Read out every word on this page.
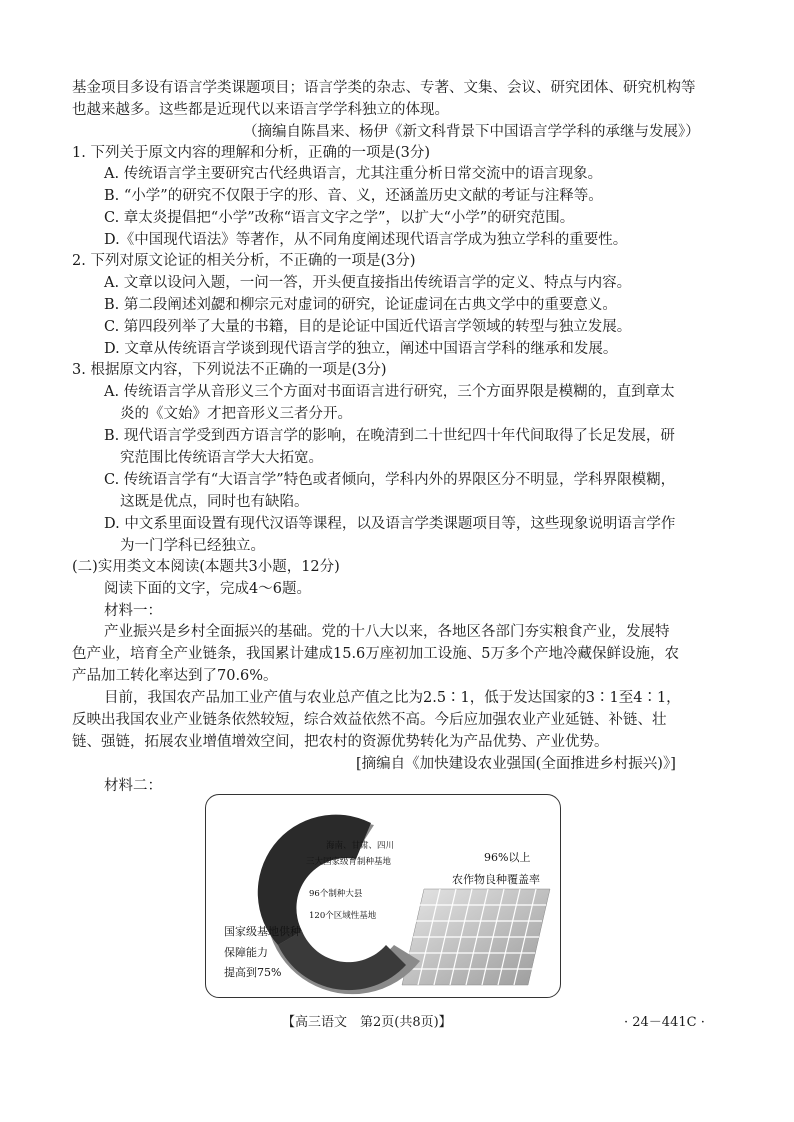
基金项目多设有语言学类课题项目；语言学类的杂志、专著、文集、会议、研究团体、研究机构等
也越来越多。这些都是近现代以来语言学学科独立的体现。
（摘编自陈昌来、杨伊《新文科背景下中国语言学学科的承继与发展》）
1. 下列关于原文内容的理解和分析，正确的一项是(3分)
A. 传统语言学主要研究古代经典语言，尤其注重分析日常交流中的语言现象。
B. “小学”的研究不仅限于字的形、音、义，还涵盖历史文献的考证与注释等。
C. 章太炎提倡把“小学”改称“语言文字之学”，以扩大“小学”的研究范围。
D.《中国现代语法》等著作，从不同角度阐述现代语言学成为独立学科的重要性。
2. 下列对原文论证的相关分析，不正确的一项是(3分)
A. 文章以设问入题，一问一答，开头便直接指出传统语言学的定义、特点与内容。
B. 第二段阐述刘勰和柳宗元对虚词的研究，论证虚词在古典文学中的重要意义。
C. 第四段列举了大量的书籍，目的是论证中国近代语言学领域的转型与独立发展。
D. 文章从传统语言学谈到现代语言学的独立，阐述中国语言学科的继承和发展。
3. 根据原文内容，下列说法不正确的一项是(3分)
A. 传统语言学从音形义三个方面对书面语言进行研究，三个方面界限是模糊的，直到章太
炎的《文始》才把音形义三者分开。
B. 现代语言学受到西方语言学的影响，在晚清到二十世纪四十年代间取得了长足发展，研
究范围比传统语言学大大拓宽。
C. 传统语言学有“大语言学”特色或者倾向，学科内外的界限区分不明显，学科界限模糊，
这既是优点，同时也有缺陷。
D. 中文系里面设置有现代汉语等课程，以及语言学类课题项目等，这些现象说明语言学作
为一门学科已经独立。
(二)实用类文本阅读(本题共3小题，12分)
阅读下面的文字，完成4～6题。
材料一：
产业振兴是乡村全面振兴的基础。党的十八大以来，各地区各部门夯实粮食产业，发展特
色产业，培育全产业链条，我国累计建成15.6万座初加工设施、5万多个产地冷藏保鲜设施，农
产品加工转化率达到了70.6%。
目前，我国农产品加工业产值与农业总产值之比为2.5∶1，低于发达国家的3∶1至4∶1，
反映出我国农业产业链条依然较短，综合效益依然不高。今后应加强农业产业延链、补链、壮
链、强链，拓展农业增值增效空间，把农村的资源优势转化为产品优势、产业优势。
[摘编自《加快建设农业强国(全面推进乡村振兴)》]
材料二：
海南、甘肃、四川
三大国家级育制种基地
96个制种大县
120个区域性基地
96%以上
农作物良种覆盖率
国家级基地供种
保障能力
提高到75%
【高三语文　第2页(共8页)】	· 24－441C ·
